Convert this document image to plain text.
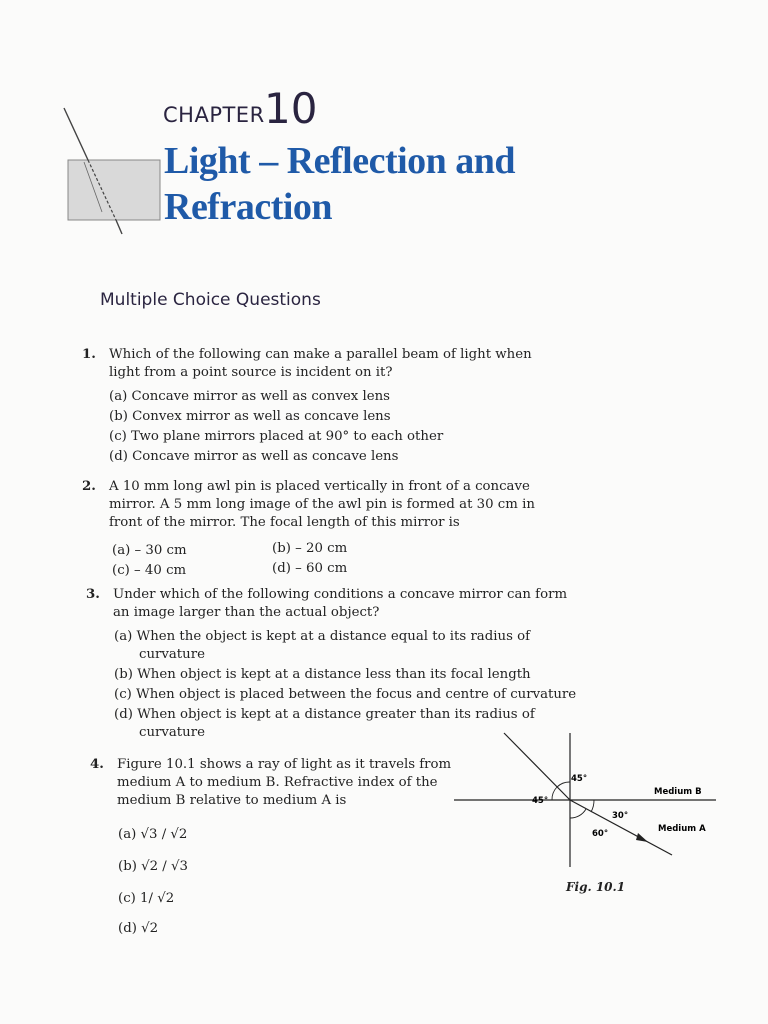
CHAPTER 10
Light – Reflection and
Refraction
Multiple Choice Questions
1. Which of the following can make a parallel beam of light when
light from a point source is incident on it?
(a) Concave mirror as well as convex lens
(b) Convex mirror as well as concave lens
(c) Two plane mirrors placed at 90° to each other
(d) Concave mirror as well as concave lens
2. A 10 mm long awl pin is placed vertically in front of a concave
mirror. A 5 mm long image of the awl pin is formed at 30 cm in
front of the mirror. The focal length of this mirror is
(a) – 30 cm	(b) – 20 cm
(c) – 40 cm	(d) – 60 cm
3. Under which of the following conditions a concave mirror can form
an image larger than the actual object?
(a) When the object is kept at a distance equal to its radius of
curvature
(b) When object is kept at a distance less than its focal length
(c) When object is placed between the focus and centre of curvature
(d) When object is kept at a distance greater than its radius of
curvature
4. Figure 10.1 shows a ray of light as it travels from
medium A to medium B. Refractive index of the
medium B relative to medium A is
(a) √3 / √2
(b) √2 / √3
(c) 1/ √2
(d) √2
45°
45°
30°
60°
Medium B
Medium A
Fig. 10.1
